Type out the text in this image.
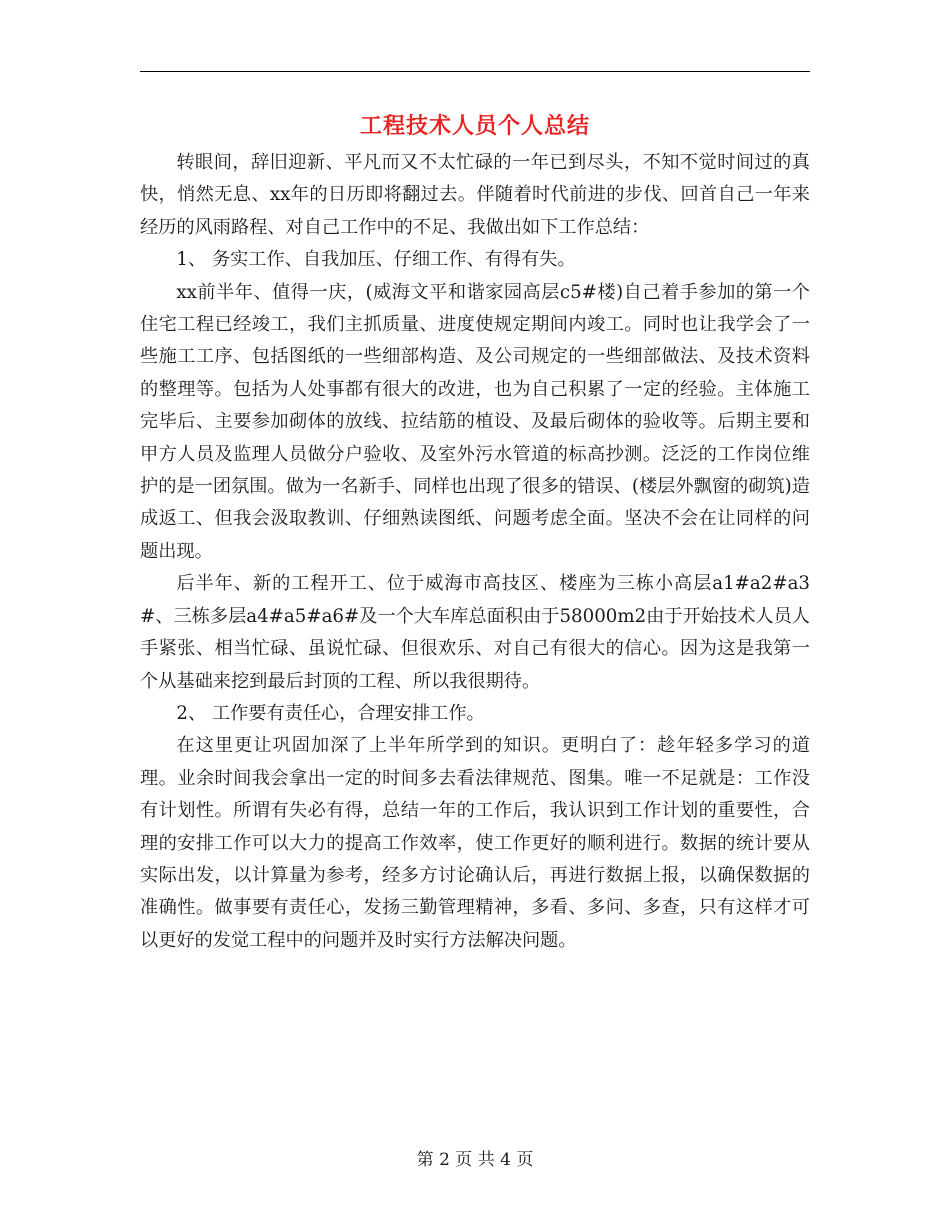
工程技术人员个人总结

转眼间，辞旧迎新、平凡而又不太忙碌的一年已到尽头，不知不觉时间过的真快，悄然无息、xx年的日历即将翻过去。伴随着时代前进的步伐、回首自己一年来经历的风雨路程、对自己工作中的不足、我做出如下工作总结：

1、 务实工作、自我加压、仔细工作、有得有失。

xx前半年、值得一庆，(威海文平和谐家园高层c5#楼)自己着手参加的第一个住宅工程已经竣工，我们主抓质量、进度使规定期间内竣工。同时也让我学会了一些施工工序、包括图纸的一些细部构造、及公司规定的一些细部做法、及技术资料的整理等。包括为人处事都有很大的改进，也为自己积累了一定的经验。主体施工完毕后、主要参加砌体的放线、拉结筋的植设、及最后砌体的验收等。后期主要和甲方人员及监理人员做分户验收、及室外污水管道的标高抄测。泛泛的工作岗位维护的是一团氛围。做为一名新手、同样也出现了很多的错误、(楼层外飘窗的砌筑)造成返工、但我会汲取教训、仔细熟读图纸、问题考虑全面。坚决不会在让同样的问题出现。

后半年、新的工程开工、位于威海市高技区、楼座为三栋小高层a1#a2#a3#、三栋多层a4#a5#a6#及一个大车库总面积由于58000m2由于开始技术人员人手紧张、相当忙碌、虽说忙碌、但很欢乐、对自己有很大的信心。因为这是我第一个从基础来挖到最后封顶的工程、所以我很期待。

2、 工作要有责任心，合理安排工作。

在这里更让巩固加深了上半年所学到的知识。更明白了：趁年轻多学习的道理。业余时间我会拿出一定的时间多去看法律规范、图集。唯一不足就是：工作没有计划性。所谓有失必有得，总结一年的工作后，我认识到工作计划的重要性，合理的安排工作可以大力的提高工作效率，使工作更好的顺利进行。数据的统计要从实际出发，以计算量为参考，经多方讨论确认后，再进行数据上报，以确保数据的准确性。做事要有责任心，发扬三勤管理精神，多看、多问、多查，只有这样才可以更好的发觉工程中的问题并及时实行方法解决问题。

第 2 页 共 4 页
